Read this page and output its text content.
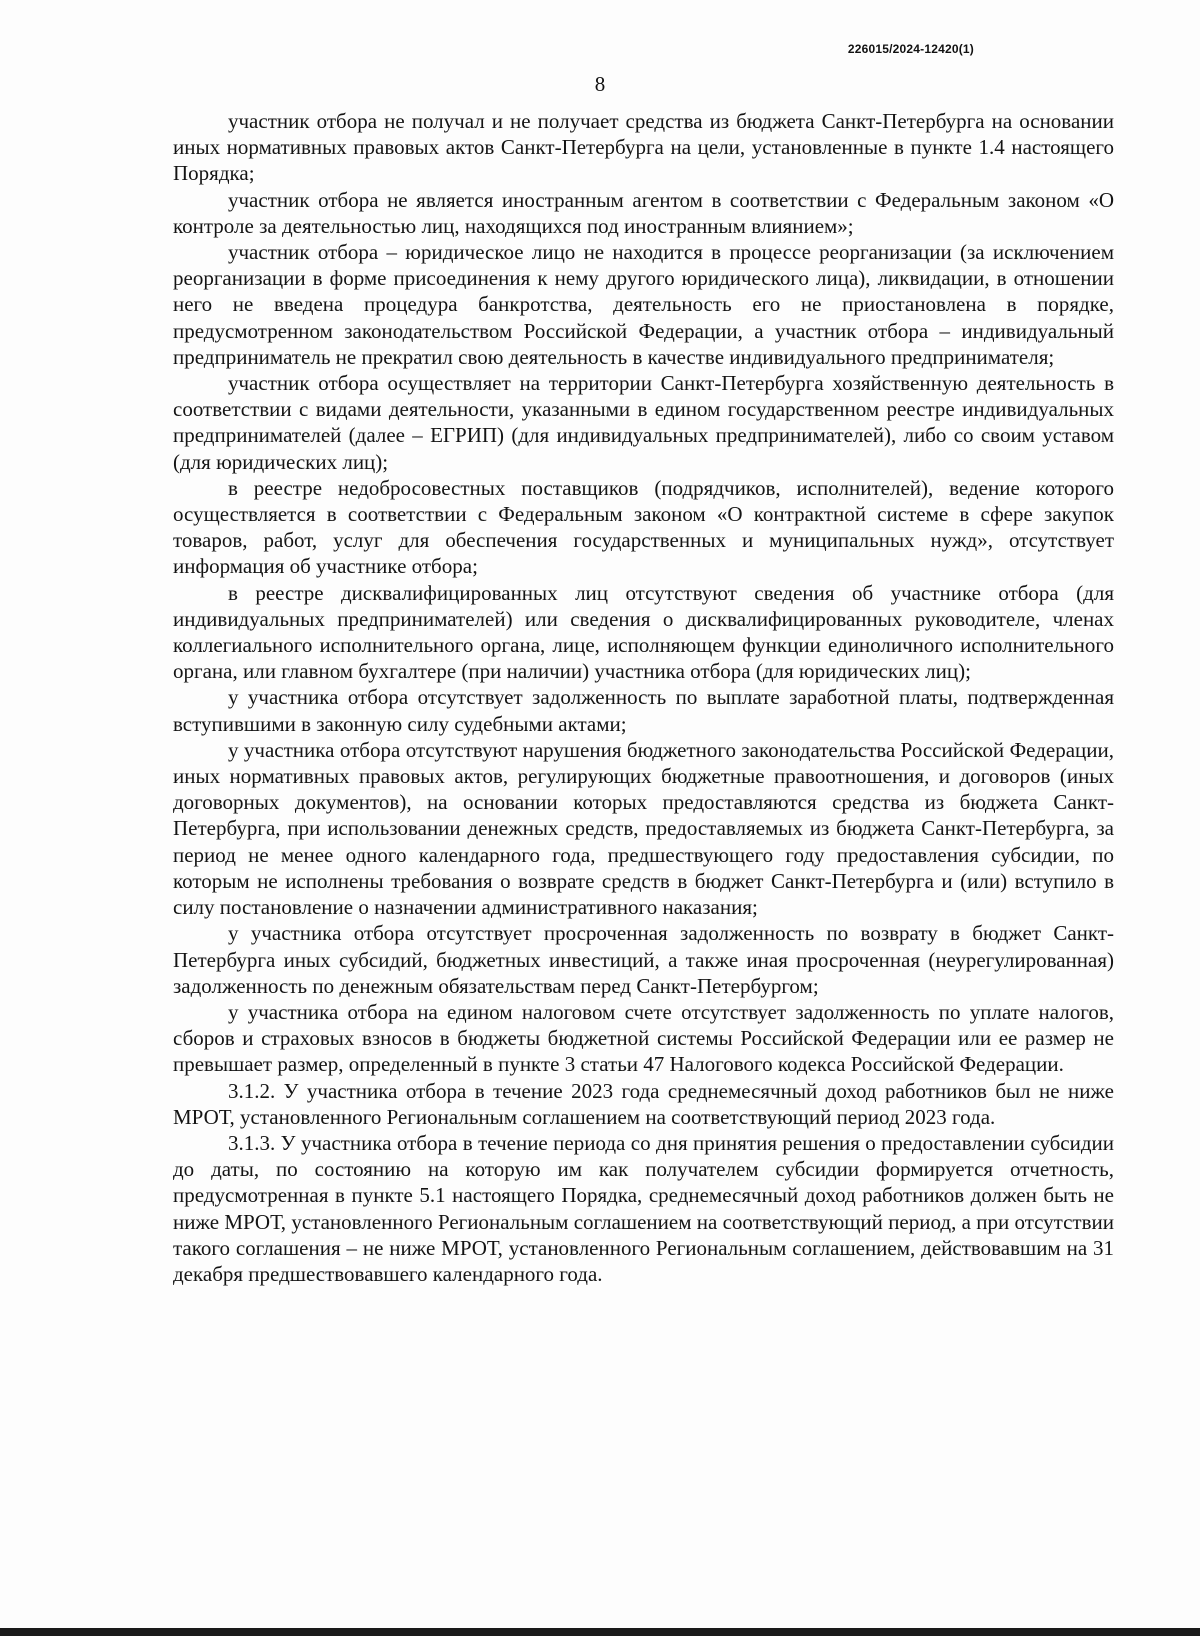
226015/2024-12420(1)
8

участник отбора не получал и не получает средства из бюджета Санкт-Петербурга на основании иных нормативных правовых актов Санкт-Петербурга на цели, установленные в пункте 1.4 настоящего Порядка;

участник отбора не является иностранным агентом в соответствии с Федеральным законом «О контроле за деятельностью лиц, находящихся под иностранным влиянием»;

участник отбора – юридическое лицо не находится в процессе реорганизации (за исключением реорганизации в форме присоединения к нему другого юридического лица), ликвидации, в отношении него не введена процедура банкротства, деятельность его не приостановлена в порядке, предусмотренном законодательством Российской Федерации, а участник отбора – индивидуальный предприниматель не прекратил свою деятельность в качестве индивидуального предпринимателя;

участник отбора осуществляет на территории Санкт-Петербурга хозяйственную деятельность в соответствии с видами деятельности, указанными в едином государственном реестре индивидуальных предпринимателей (далее – ЕГРИП) (для индивидуальных предпринимателей), либо со своим уставом (для юридических лиц);

в реестре недобросовестных поставщиков (подрядчиков, исполнителей), ведение которого осуществляется в соответствии с Федеральным законом «О контрактной системе в сфере закупок товаров, работ, услуг для обеспечения государственных и муниципальных нужд», отсутствует информация об участнике отбора;

в реестре дисквалифицированных лиц отсутствуют сведения об участнике отбора (для индивидуальных предпринимателей) или сведения о дисквалифицированных руководителе, членах коллегиального исполнительного органа, лице, исполняющем функции единоличного исполнительного органа, или главном бухгалтере (при наличии) участника отбора (для юридических лиц);

у участника отбора отсутствует задолженность по выплате заработной платы, подтвержденная вступившими в законную силу судебными актами;

у участника отбора отсутствуют нарушения бюджетного законодательства Российской Федерации, иных нормативных правовых актов, регулирующих бюджетные правоотношения, и договоров (иных договорных документов), на основании которых предоставляются средства из бюджета Санкт-Петербурга, при использовании денежных средств, предоставляемых из бюджета Санкт-Петербурга, за период не менее одного календарного года, предшествующего году предоставления субсидии, по которым не исполнены требования о возврате средств в бюджет Санкт-Петербурга и (или) вступило в силу постановление о назначении административного наказания;

у участника отбора отсутствует просроченная задолженность по возврату в бюджет Санкт-Петербурга иных субсидий, бюджетных инвестиций, а также иная просроченная (неурегулированная) задолженность по денежным обязательствам перед Санкт-Петербургом;

у участника отбора на едином налоговом счете отсутствует задолженность по уплате налогов, сборов и страховых взносов в бюджеты бюджетной системы Российской Федерации или ее размер не превышает размер, определенный в пункте 3 статьи 47 Налогового кодекса Российской Федерации.

3.1.2. У участника отбора в течение 2023 года среднемесячный доход работников был не ниже МРОТ, установленного Региональным соглашением на соответствующий период 2023 года.

3.1.3. У участника отбора в течение периода со дня принятия решения о предоставлении субсидии до даты, по состоянию на которую им как получателем субсидии формируется отчетность, предусмотренная в пункте 5.1 настоящего Порядка, среднемесячный доход работников должен быть не ниже МРОТ, установленного Региональным соглашением на соответствующий период, а при отсутствии такого соглашения – не ниже МРОТ, установленного Региональным соглашением, действовавшим на 31 декабря предшествовавшего календарного года.
